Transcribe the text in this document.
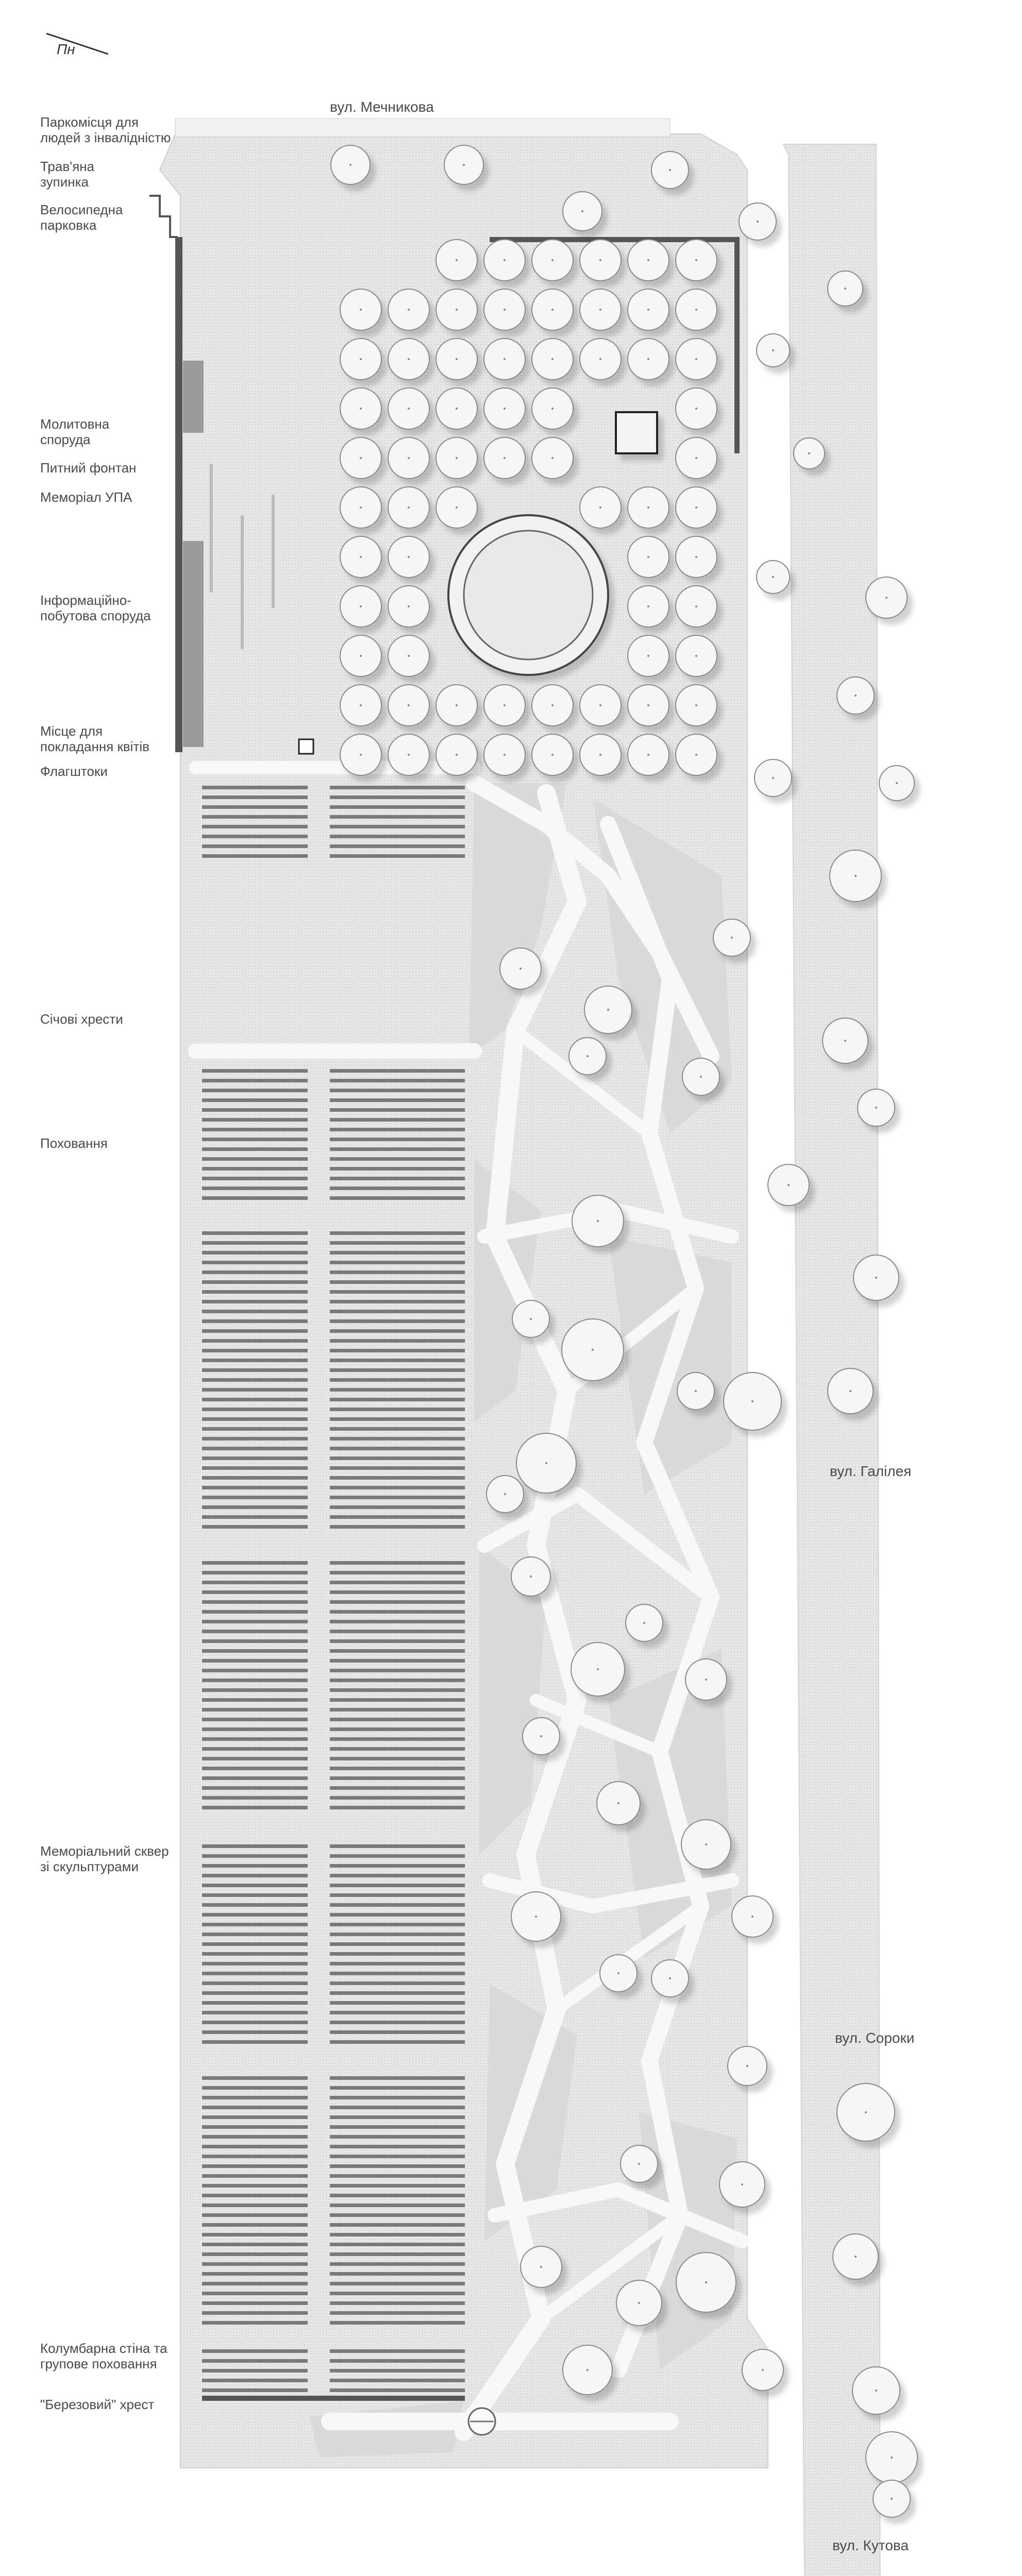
Пн
вул. Мечникова
вул. Галілея
вул. Сороки
вул. Кутова
Паркомісця для
людей з інвалідністю
Трав'яна
зупинка
Велосипедна
парковка
Молитовна
споруда
Питний фонтан
Меморіал УПА
Інформаційно-
побутова споруда
Місце для
покладання квітів
Флагштоки
Січові хрести
Поховання
Меморіальний сквер
зі скульптурами
Колумбарна стіна та
групове поховання
"Березовий" хрест
